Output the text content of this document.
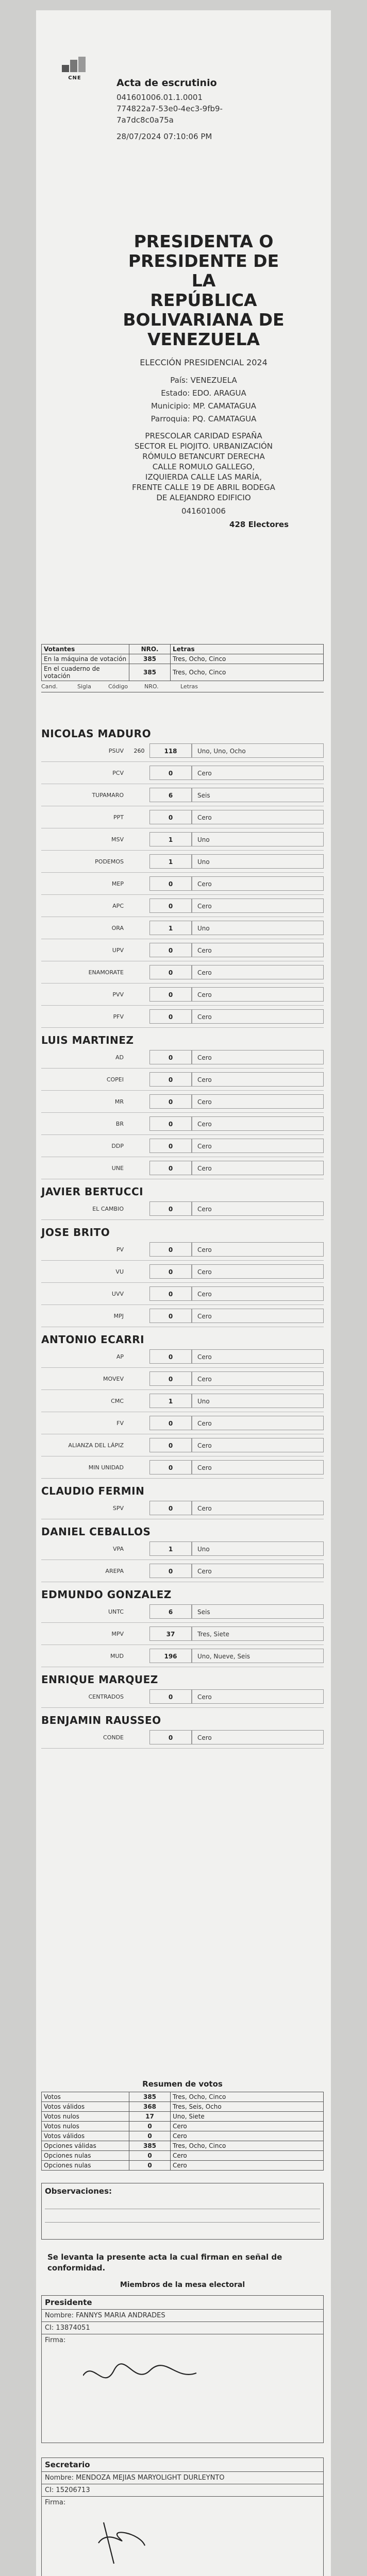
CNE	Acta de escrutinio
041601006.01.1.0001
774822a7-53e0-4ec3-9fb9-
7a7dc8c0a75a
28/07/2024 07:10:06 PM
PRESIDENTA O
PRESIDENTE DE LA
REPÚBLICA
BOLIVARIANA DE
VENEZUELA
ELECCIÓN PRESIDENCIAL 2024
País: VENEZUELA
Estado: EDO. ARAGUA
Municipio: MP. CAMATAGUA
Parroquia: PQ. CAMATAGUA
PRESCOLAR CARIDAD ESPAÑA
SECTOR EL PIOJITO. URBANIZACIÓN
RÓMULO BETANCURT DERECHA
CALLE ROMULO GALLEGO,
IZQUIERDA CALLE LAS MARÍA,
FRENTE CALLE 19 DE ABRIL BODEGA
DE ALEJANDRO EDIFICIO
041601006
428 Electores
Votantes	NRO.	Letras
En la máquina de votación	385	Tres, Ocho, Cinco
En el cuaderno de votación	385	Tres, Ocho, Cinco
Cand.	Sigla	Código	NRO.	Letras
NICOLAS MADURO
PSUV	260	118	Uno, Uno, Ocho
PCV	0	Cero
TUPAMARO	6	Seis
PPT	0	Cero
MSV	1	Uno
PODEMOS	1	Uno
MEP	0	Cero
APC	0	Cero
ORA	1	Uno
UPV	0	Cero
ENAMORATE	0	Cero
PVV	0	Cero
PFV	0	Cero
LUIS MARTINEZ
AD	0	Cero
COPEI	0	Cero
MR	0	Cero
BR	0	Cero
DDP	0	Cero
UNE	0	Cero
JAVIER BERTUCCI
EL CAMBIO	0	Cero
JOSE BRITO
PV	0	Cero
VU	0	Cero
UVV	0	Cero
MPJ	0	Cero
ANTONIO ECARRI
AP	0	Cero
MOVEV	0	Cero
CMC	1	Uno
FV	0	Cero
ALIANZA DEL LÁPIZ	0	Cero
MIN UNIDAD	0	Cero
CLAUDIO FERMIN
SPV	0	Cero
DANIEL CEBALLOS
VPA	1	Uno
AREPA	0	Cero
EDMUNDO GONZALEZ
UNTC	6	Seis
MPV	37	Tres, Siete
MUD	196	Uno, Nueve, Seis
ENRIQUE MARQUEZ
CENTRADOS	0	Cero
BENJAMIN RAUSSEO
CONDE	0	Cero
Resumen de votos
Votos	385	Tres, Ocho, Cinco
Votos válidos	368	Tres, Seis, Ocho
Votos nulos	17	Uno, Siete
Votos nulos	0	Cero
Votos válidos	0	Cero
Opciones válidas	385	Tres, Ocho, Cinco
Opciones nulas	0	Cero
Opciones nulas	0	Cero
Observaciones:
Se levanta la presente acta la cual firman en señal de conformidad.
Miembros de la mesa electoral
Presidente
Nombre: FANNYS MARIA ANDRADES
CI: 13874051
Firma:
Secretario
Nombre: MENDOZA MEJIAS MARYOLIGHT DURLEYNTO
CI: 15206713
Firma:
